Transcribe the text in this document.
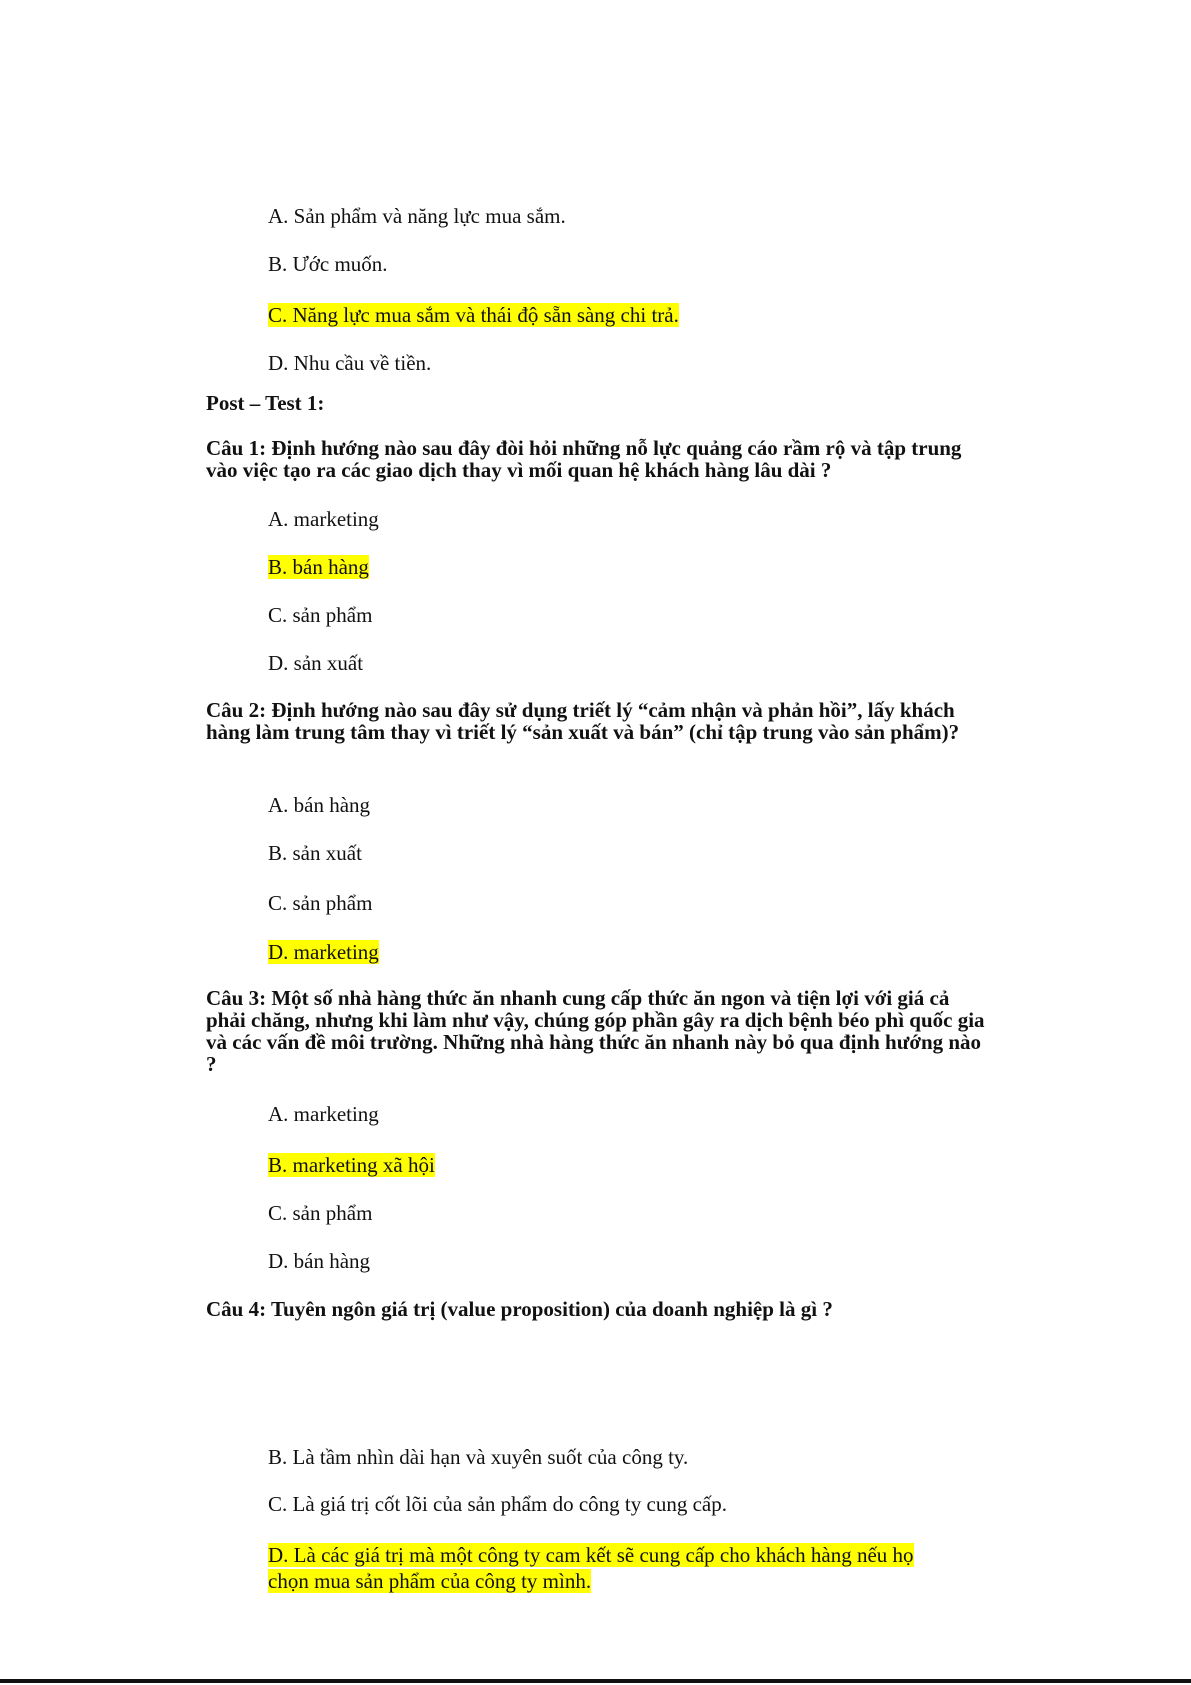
A. Sản phẩm và năng lực mua sắm.
B. Ước muốn.
C. Năng lực mua sắm và thái độ sẵn sàng chi trả.
D. Nhu cầu về tiền.
Post – Test 1:
Câu 1: Định hướng nào sau đây đòi hỏi những nỗ lực quảng cáo rầm rộ và tập trung vào việc tạo ra các giao dịch thay vì mối quan hệ khách hàng lâu dài ?
A. marketing
B. bán hàng
C. sản phẩm
D. sản xuất
Câu 2: Định hướng nào sau đây sử dụng triết lý “cảm nhận và phản hồi”, lấy khách hàng làm trung tâm thay vì triết lý “sản xuất và bán” (chỉ tập trung vào sản phẩm)?
A. bán hàng
B. sản xuất
C. sản phẩm
D. marketing
Câu 3: Một số nhà hàng thức ăn nhanh cung cấp thức ăn ngon và tiện lợi với giá cả phải chăng, nhưng khi làm như vậy, chúng góp phần gây ra dịch bệnh béo phì quốc gia và các vấn đề môi trường. Những nhà hàng thức ăn nhanh này bỏ qua định hướng nào ?
A. marketing
B. marketing xã hội
C. sản phẩm
D. bán hàng
Câu 4: Tuyên ngôn giá trị (value proposition) của doanh nghiệp là gì ?
B. Là tầm nhìn dài hạn và xuyên suốt của công ty.
C. Là giá trị cốt lõi của sản phẩm do công ty cung cấp.
D. Là các giá trị mà một công ty cam kết sẽ cung cấp cho khách hàng nếu họ
chọn mua sản phẩm của công ty mình.
